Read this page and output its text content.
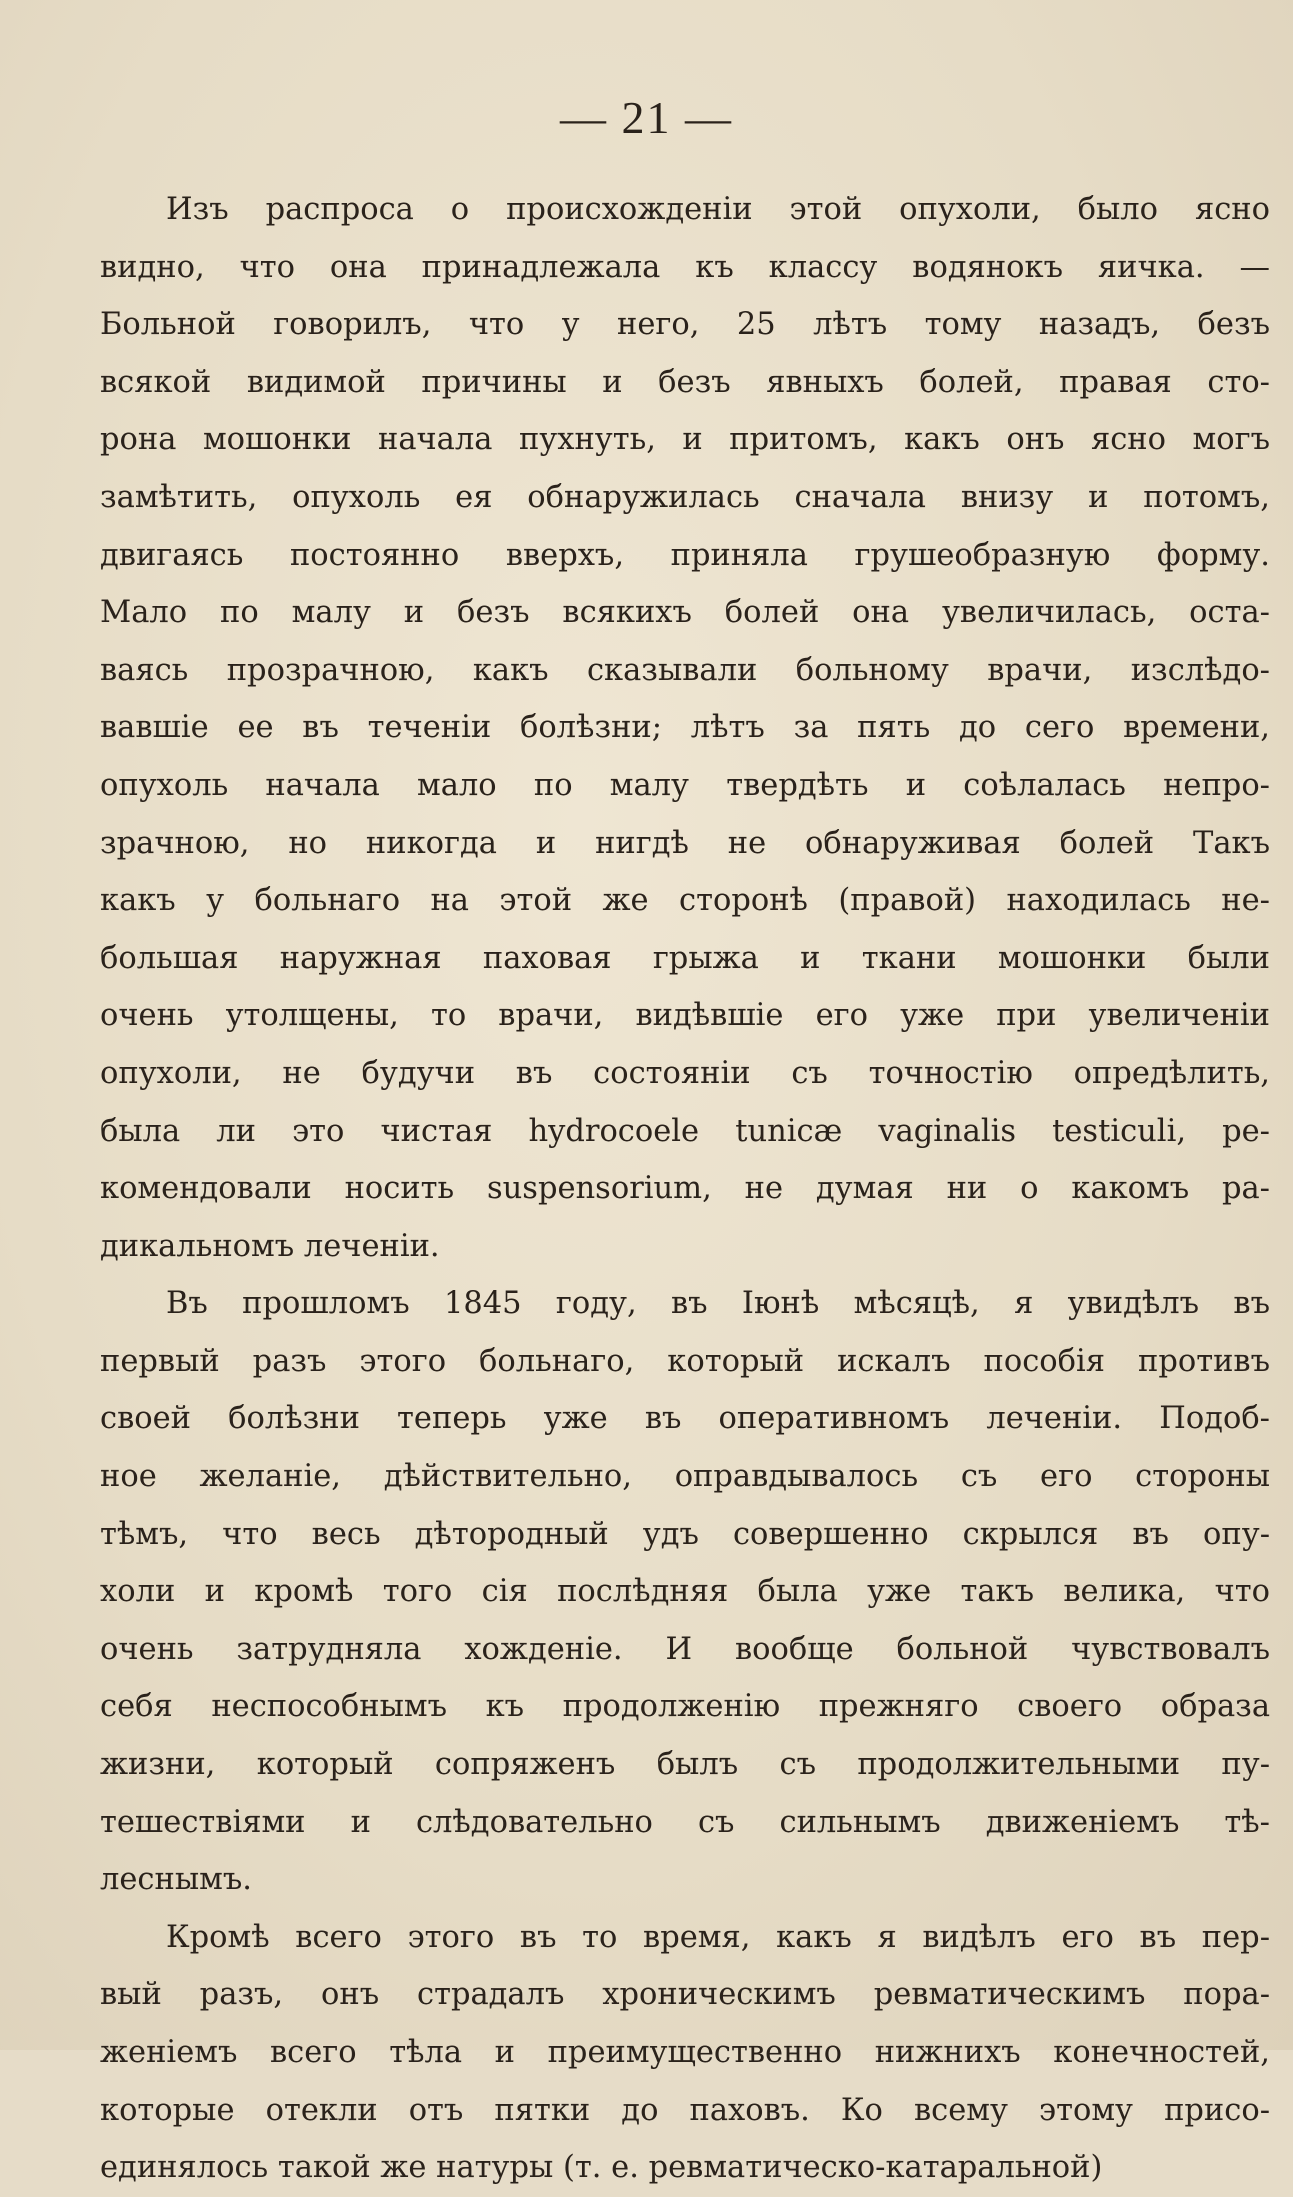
— 21 —
Изъ распроса о происхожденіи этой опухоли, было ясно
видно, что она принадлежала къ классу водянокъ яичка. —
Больной говорилъ, что у него, 25 лѣтъ тому назадъ, безъ
всякой видимой причины и безъ явныхъ болей, правая сто-
рона мошонки начала пухнуть, и притомъ, какъ онъ ясно могъ
замѣтить, опухоль ея обнаружилась сначала внизу и потомъ,
двигаясь постоянно вверхъ, приняла грушеобразную форму.
Мало по малу и безъ всякихъ болей она увеличилась, оста-
ваясь прозрачною, какъ сказывали больному врачи, изслѣдо-
вавшіе ее въ теченіи болѣзни; лѣтъ за пять до сего времени,
опухоль начала мало по малу твердѣть и соѣлалась непро-
зрачною, но никогда и нигдѣ не обнаруживая болей Такъ
какъ у больнаго на этой же сторонѣ (правой) находилась не-
большая наружная паховая грыжа и ткани мошонки были
очень утолщены, то врачи, видѣвшіе его уже при увеличеніи
опухоли, не будучи въ состояніи съ точностію опредѣлить,
была ли это чистая hydrocoele tunicæ vaginalis testiculi, ре-
комендовали носить suspensorium, не думая ни о какомъ ра-
дикальномъ леченіи.
Въ прошломъ 1845 году, въ Іюнѣ мѣсяцѣ, я увидѣлъ въ
первый разъ этого больнаго, который искалъ пособія противъ
своей болѣзни теперь уже въ оперативномъ леченіи. Подоб-
ное желаніе, дѣйствительно, оправдывалось съ его стороны
тѣмъ, что весь дѣтородный удъ совершенно скрылся въ опу-
холи и кромѣ того сія послѣдняя была уже такъ велика, что
очень затрудняла хожденіе. И вообще больной чувствовалъ
себя неспособнымъ къ продолженію прежняго своего образа
жизни, который сопряженъ былъ съ продолжительными пу-
тешествіями и слѣдовательно съ сильнымъ движеніемъ тѣ-
леснымъ.
Кромѣ всего этого въ то время, какъ я видѣлъ его въ пер-
вый разъ, онъ страдалъ хроническимъ ревматическимъ пора-
женіемъ всего тѣла и преимущественно нижнихъ конечностей,
которые отекли отъ пятки до паховъ. Ко всему этому присо-
единялось такой же натуры (т. е. ревматическо-катаральной)
